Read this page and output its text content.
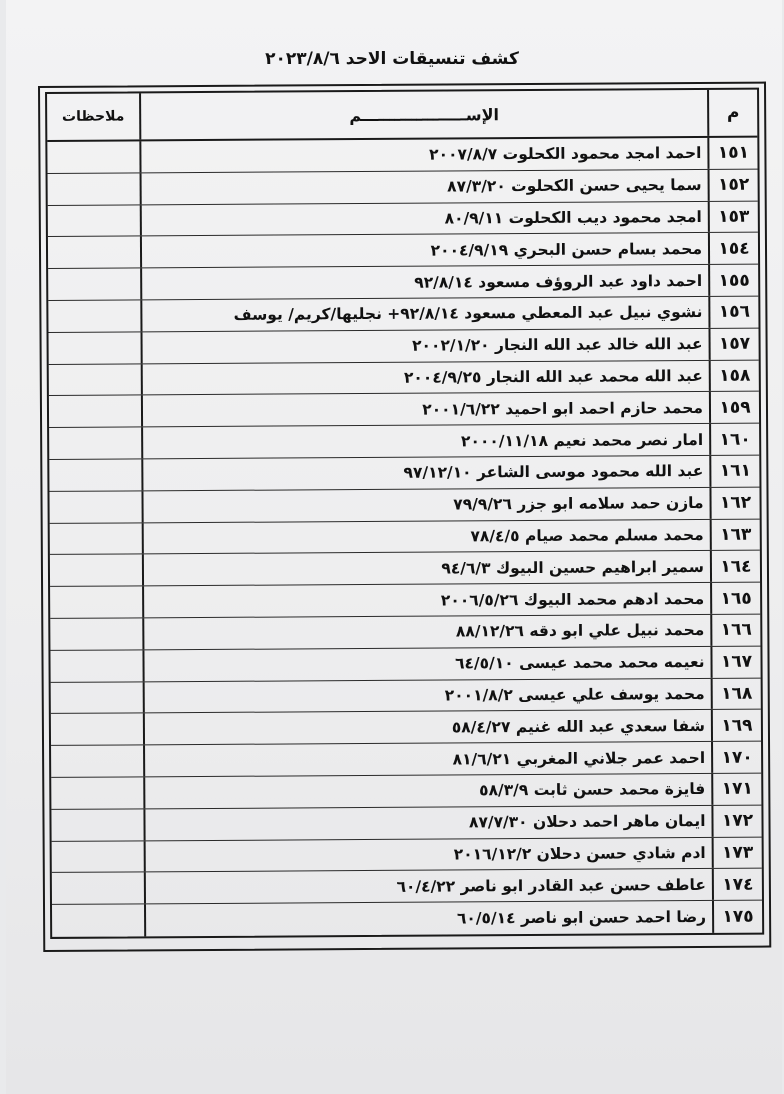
كشف تنسيقات الاحد ٢٠٢٣/٨/٦
م
الإســـــــــــــــــــم
ملاحظات
١٥١
احمد امجد محمود الكحلوت ٢٠٠٧/٨/٧
١٥٢
سما يحيى حسن الكحلوت ٨٧/٣/٢٠
١٥٣
امجد محمود ديب الكحلوت ٨٠/٩/١١
١٥٤
محمد بسام حسن البحري ٢٠٠٤/٩/١٩
١٥٥
احمد داود عبد الروؤف مسعود ٩٢/٨/١٤
١٥٦
نشوي نبيل عبد المعطي مسعود ٩٢/٨/١٤+ نجليها/كريم/ يوسف
١٥٧
عبد الله خالد عبد الله النجار ٢٠٠٢/١/٢٠
١٥٨
عبد الله محمد عبد الله النجار ٢٠٠٤/٩/٢٥
١٥٩
محمد حازم احمد ابو احميد ٢٠٠١/٦/٢٢
١٦٠
امار نصر محمد نعيم ٢٠٠٠/١١/١٨
١٦١
عبد الله محمود موسى الشاعر ٩٧/١٢/١٠
١٦٢
مازن حمد سلامه ابو جزر ٧٩/٩/٢٦
١٦٣
محمد مسلم محمد صيام ٧٨/٤/٥
١٦٤
سمير ابراهيم حسين البيوك ٩٤/٦/٣
١٦٥
محمد ادهم محمد البيوك ٢٠٠٦/٥/٢٦
١٦٦
محمد نبيل علي ابو دقه ٨٨/١٢/٢٦
١٦٧
نعيمه محمد محمد عيسى ٦٤/٥/١٠
١٦٨
محمد يوسف علي عيسى ٢٠٠١/٨/٢
١٦٩
شفا سعدي عبد الله غنيم ٥٨/٤/٢٧
١٧٠
احمد عمر جلاني المغربي ٨١/٦/٢١
١٧١
فايزة محمد حسن ثابت ٥٨/٣/٩
١٧٢
ايمان ماهر احمد دحلان ٨٧/٧/٣٠
١٧٣
ادم شادي حسن دحلان ٢٠١٦/١٢/٢
١٧٤
عاطف حسن عبد القادر ابو ناصر ٦٠/٤/٢٢
١٧٥
رضا احمد حسن ابو ناصر ٦٠/٥/١٤
